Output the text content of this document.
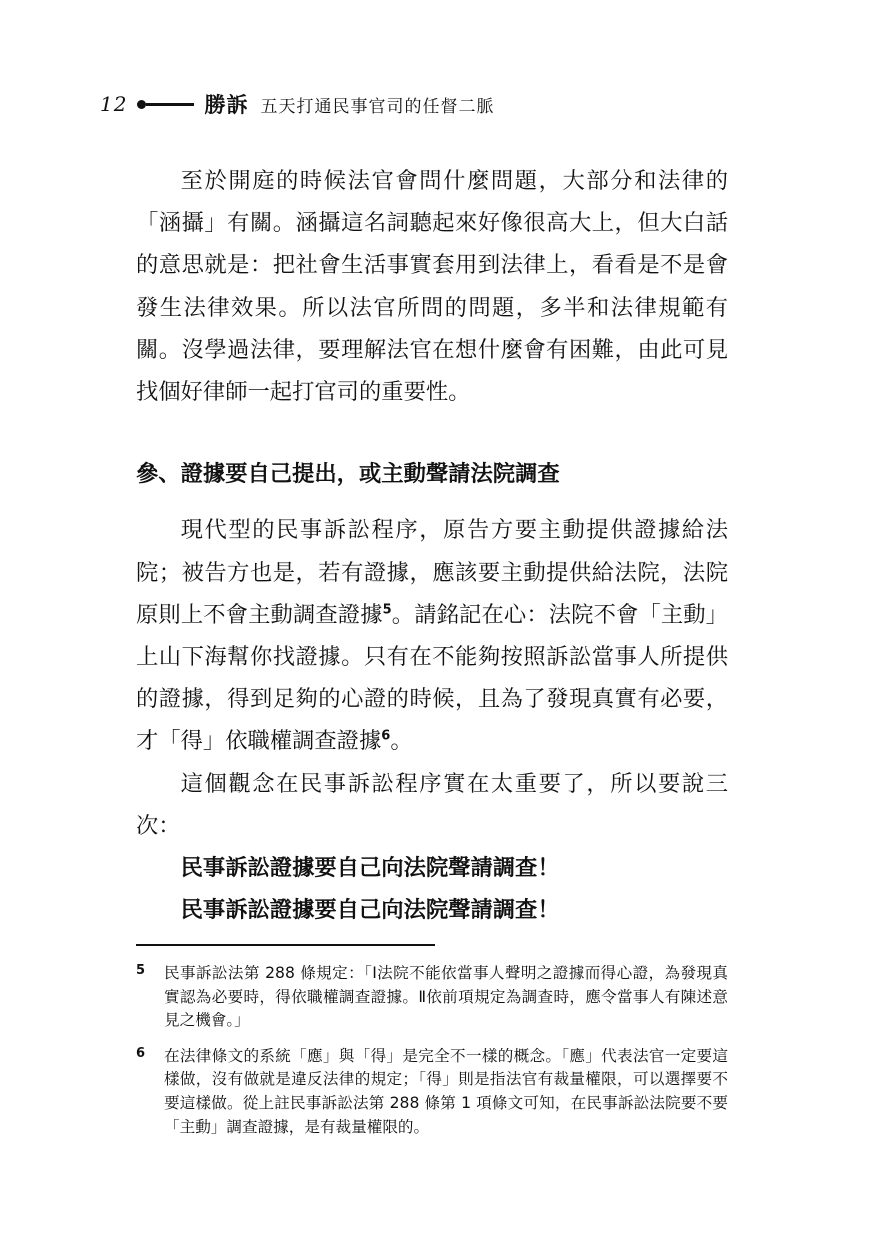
12	勝訴 五天打通民事官司的任督二脈

至於開庭的時候法官會問什麼問題，大部分和法律的「涵攝」有關。涵攝這名詞聽起來好像很高大上，但大白話的意思就是：把社會生活事實套用到法律上，看看是不是會發生法律效果。所以法官所問的問題，多半和法律規範有關。沒學過法律，要理解法官在想什麼會有困難，由此可見找個好律師一起打官司的重要性。

參、證據要自己提出，或主動聲請法院調查

現代型的民事訴訟程序，原告方要主動提供證據給法院；被告方也是，若有證據，應該要主動提供給法院，法院原則上不會主動調查證據$^5$。請銘記在心：法院不會「主動」上山下海幫你找證據。只有在不能夠按照訴訟當事人所提供的證據，得到足夠的心證的時候，且為了發現真實有必要，才「得」依職權調查證據$^6$。

這個觀念在民事訴訟程序實在太重要了，所以要說三次：

民事訴訟證據要自己向法院聲請調查！

民事訴訟證據要自己向法院聲請調查！

5	民事訴訟法第 288 條規定：「Ⅰ法院不能依當事人聲明之證據而得心證，為發現真實認為必要時，得依職權調查證據。Ⅱ依前項規定為調查時，應令當事人有陳述意見之機會。」
6	在法律條文的系統「應」與「得」是完全不一樣的概念。「應」代表法官一定要這樣做，沒有做就是違反法律的規定；「得」則是指法官有裁量權限，可以選擇要不要這樣做。從上註民事訴訟法第 288 條第 1 項條文可知，在民事訴訟法院要不要「主動」調查證據，是有裁量權限的。
